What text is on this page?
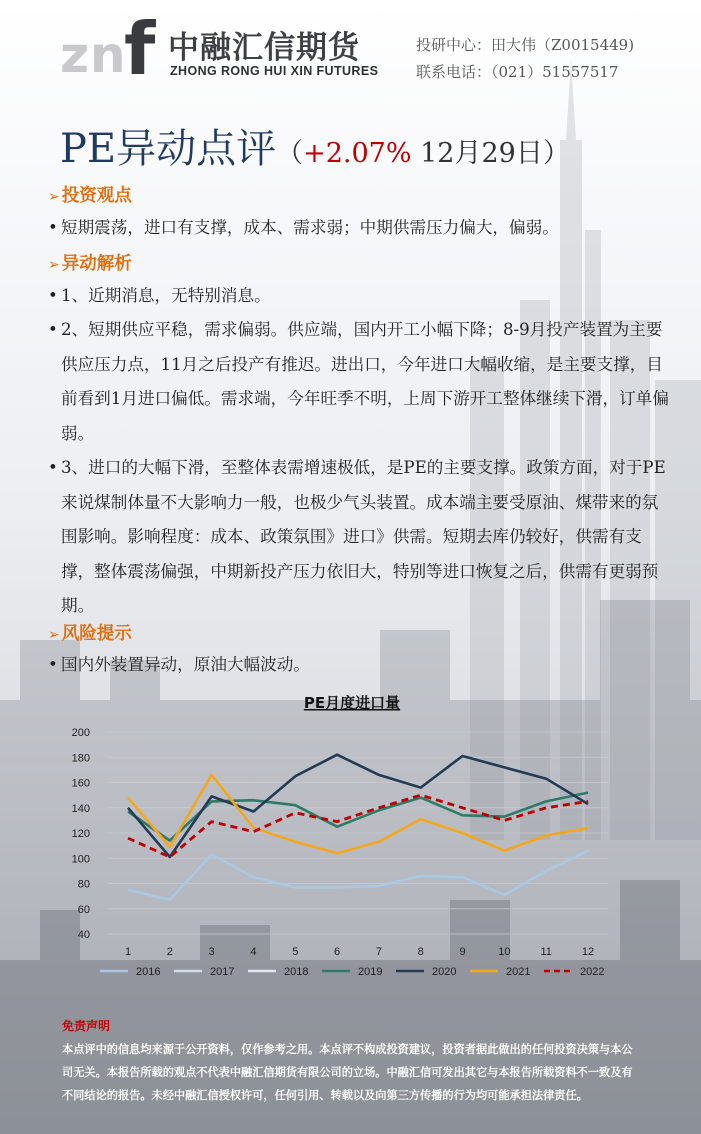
z n
f 中融汇信期货
ZHONG RONG HUI XIN FUTURES
投研中心：田大伟（Z0015449)
联系电话：（021）51557517
PE异动点评（+2.07% 12月29日）
➢ 投资观点
• 短期震荡，进口有支撑，成本、需求弱；中期供需压力偏大，偏弱。
➢ 异动解析
• 1、近期消息，无特别消息。
• 2、短期供应平稳，需求偏弱。供应端，国内开工小幅下降；8-9月投产装置为主要供应压力点，11月之后投产有推迟。进出口，今年进口大幅收缩，是主要支撑，目前看到1月进口偏低。需求端，今年旺季不明，上周下游开工整体继续下滑，订单偏弱。
• 3、进口的大幅下滑，至整体表需增速极低，是PE的主要支撑。政策方面，对于PE来说煤制体量不大影响力一般，也极少气头装置。成本端主要受原油、煤带来的氛围影响。影响程度：成本、政策氛围》进口》供需。短期去库仍较好，供需有支撑，整体震荡偏强，中期新投产压力依旧大，特别等进口恢复之后，供需有更弱预期。
➢ 风险提示
• 国内外装置异动，原油大幅波动。
PE月度进口量
200
180
160
140
120
100
80
60
40
1	2	3	4	5	6	7	8	9	10	11	12
2016	2017	2018	2019	2020	2021	2022
免责声明
本点评中的信息均来源于公开资料，仅作参考之用。本点评不构成投资建议，投资者据此做出的任何投资决策与本公司无关。本报告所载的观点不代表中融汇信期货有限公司的立场。中融汇信可发出其它与本报告所载资料不一致及有不同结论的报告。未经中融汇信授权许可，任何引用、转载以及向第三方传播的行为均可能承担法律责任。
